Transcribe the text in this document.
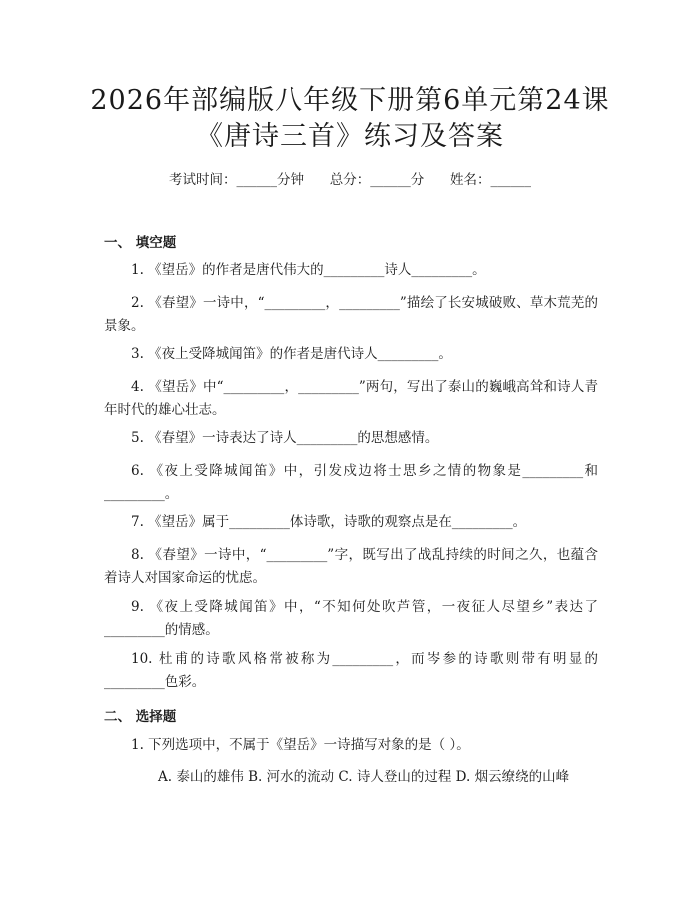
2026年部编版八年级下册第6单元第24课
《唐诗三首》练习及答案
考试时间：______分钟      总分：______分      姓名：______
一、 填空题
1. 《望岳》的作者是唐代伟大的_________诗人_________。
2. 《春望》一诗中，“_________，_________”描绘了长安城破败、草木荒芜的景象。
3. 《夜上受降城闻笛》的作者是唐代诗人_________。
4. 《望岳》中“_________，_________”两句，写出了泰山的巍峨高耸和诗人青年时代的雄心壮志。
5. 《春望》一诗表达了诗人_________的思想感情。
6. 《夜上受降城闻笛》中，引发戍边将士思乡之情的物象是_________和_________。
7. 《望岳》属于_________体诗歌，诗歌的观察点是在_________。
8. 《春望》一诗中，“_________”字，既写出了战乱持续的时间之久，也蕴含着诗人对国家命运的忧虑。
9. 《夜上受降城闻笛》中，“不知何处吹芦管，一夜征人尽望乡”表达了_________的情感。
10. 杜甫的诗歌风格常被称为_________，而岑参的诗歌则带有明显的_________色彩。
二、 选择题
1. 下列选项中，不属于《望岳》一诗描写对象的是（ ）。
A. 泰山的雄伟 B. 河水的流动 C. 诗人登山的过程 D. 烟云缭绕的山峰
